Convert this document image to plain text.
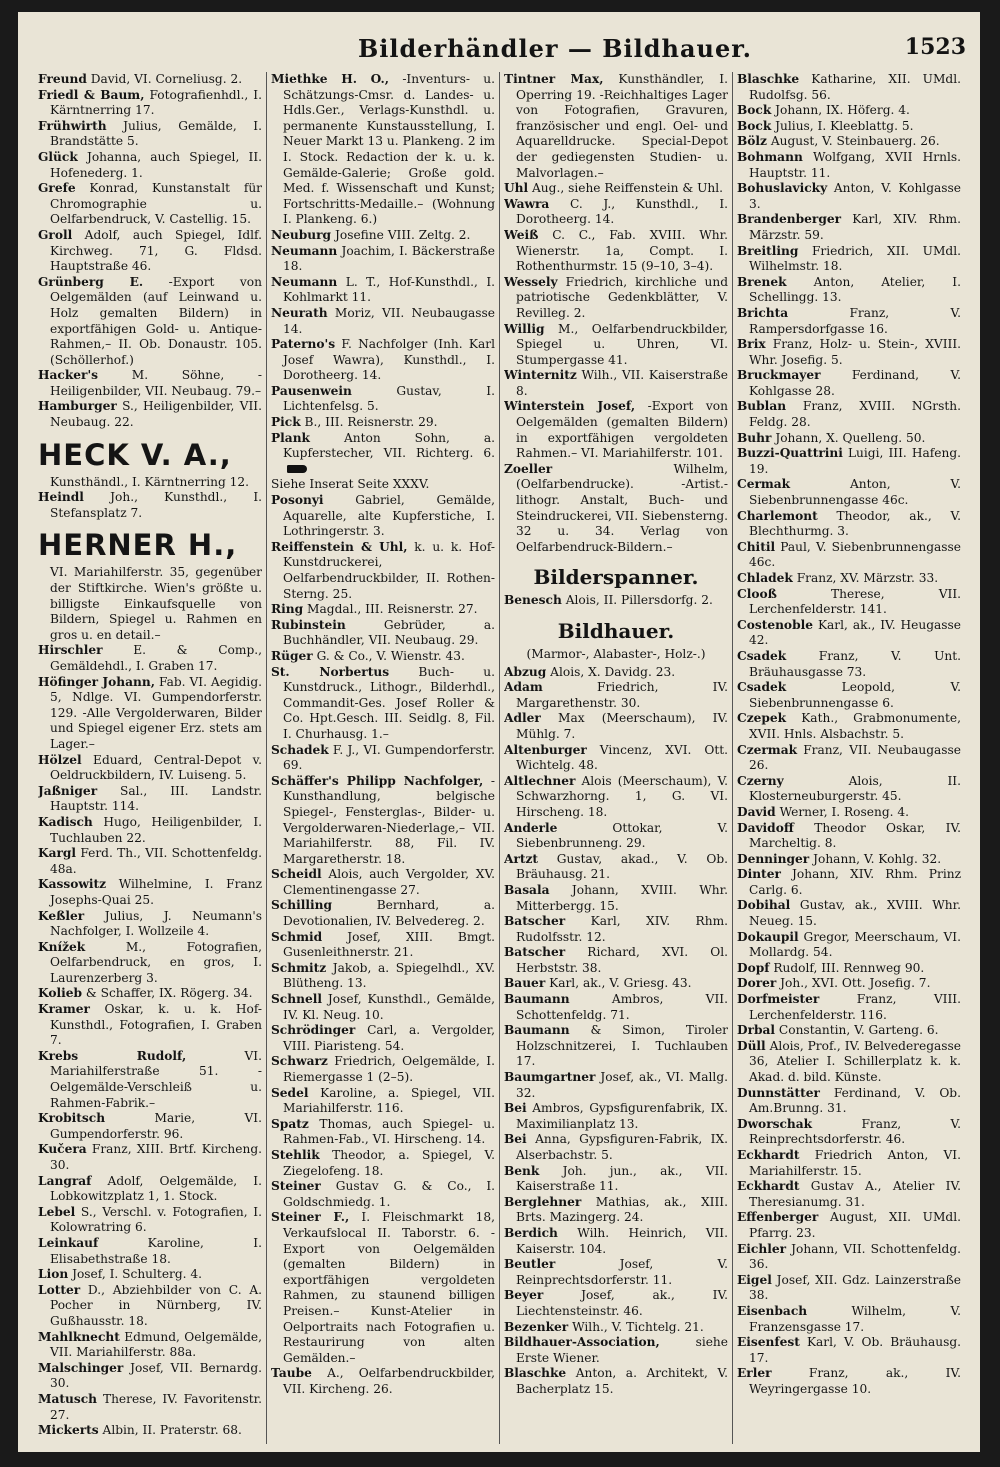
Bilderhändler — Bildhauer.	1523

Freund David, VI. Corneliusg. 2.

Friedl & Baum, Fotografienhdl., I. Kärntnerring 17.

Frühwirth Julius, Gemälde, I. Brandstätte 5.

Glück Johanna, auch Spiegel, II. Hofenederg. 1.

Grefe Konrad, Kunstanstalt für Chromographie u. Oelfarbendruck, V. Castellig. 15.

Groll Adolf, auch Spiegel, Idlf. Kirchweg. 71, G. Fldsd. Hauptstraße 46.

Grünberg E. -Export von Oelgemälden (auf Leinwand u. Holz gemalten Bildern) in exportfähigen Gold- u. Antique-Rahmen,– II. Ob. Donaustr. 105. (Schöllerhof.)

Hacker's	M. Söhne, -Heiligenbilder, VII. Neubaug. 79.–

Hamburger S., Heiligenbilder, VII. Neubaug. 22.

HECK V. A.,
Kunsthändl., I. Kärntnerring 12.

Heindl Joh., Kunsthdl., I. Stefansplatz 7.

HERNER H.,
VI. Mariahilferstr. 35, gegenüber der Stiftkirche. Wien's größte u. billigste Einkaufsquelle von Bildern, Spiegel u. Rahmen en gros u. en detail.–

Hirschler	E. & Comp., Gemäldehdl., I. Graben 17.

Höfinger Johann, Fab. VI. Aegidig. 5, Ndlge. VI. Gumpendorferstr. 129. -Alle Vergolderwaren, Bilder und Spiegel eigener Erz. stets am Lager.–

Hölzel Eduard, Central-Depot v. Oeldruckbildern, IV. Luiseng. 5.

Jaßniger Sal., III. Landstr. Hauptstr. 114.

Kadisch Hugo, Heiligenbilder, I. Tuchlauben 22.

Kargl Ferd. Th., VII. Schottenfeldg. 48a.

Kassowitz Wilhelmine, I. Franz Josephs-Quai 25.

Keßler Julius, J. Neumann's Nachfolger, I. Wollzeile 4.

Knížek	M., Fotografien, Oelfarbendruck, en gros, I. Laurenzerberg 3.

Kolieb & Schaffer, IX. Rögerg. 34.

Kramer Oskar, k. u. k. Hof-Kunsthdl., Fotografien, I. Graben 7.

Krebs Rudolf,	VI. Mariahilferstraße 51. -Oelgemälde-Verschleiß u. Rahmen-Fabrik.–

Krobitsch	Marie, VI. Gumpendorferstr. 96.

Kučera Franz, XIII. Brtf. Kircheng. 30.

Langraf Adolf, Oelgemälde, I. Lobkowitzplatz 1, 1. Stock.

Lebel S., Verschl. v. Fotografien, I. Kolowratring 6.

Leinkauf	Karoline, I. Elisabethstraße 18.

Lion Josef, I. Schulterg. 4.

Lotter D., Abziehbilder von C. A. Pocher in Nürnberg, IV. Gußhausstr. 18.

Mahlknecht Edmund, Oelgemälde, VII. Mariahilferstr. 88a.

Malschinger Josef, VII. Bernardg. 30.

Matusch Therese, IV. Favoritenstr. 27.

Mickerts Albin, II. Praterstr. 68.

Miethke H. O., -Inventurs- u. Schätzungs-Cmsr. d. Landes- u. Hdls.Ger., Verlags-Kunsthdl. u. permanente Kunstausstellung, I. Neuer Markt 13 u. Plankeng. 2 im I. Stock. Redaction der k. u. k. Gemälde-Galerie; Große gold. Med. f. Wissenschaft und Kunst; Fortschritts-Medaille.– (Wohnung I. Plankeng. 6.)

Neuburg Josefine VIII. Zeltg. 2.

Neumann Joachim, I. Bäckerstraße 18.

Neumann L. T., Hof-Kunsthdl., I. Kohlmarkt 11.

Neurath Moriz, VII. Neubaugasse 14.

Paterno's F. Nachfolger (Inh. Karl Josef Wawra), Kunsthdl., I. Dorotheerg. 14.

Pausenwein	Gustav, I. Lichtenfelsg. 5.

Pick B., III. Reisnerstr. 29.

Plank	Anton Sohn, a. Kupferstecher, VII. Richterg. 6.

Siehe Inserat Seite XXXV.

Posonyi	Gabriel, Gemälde, Aquarelle, alte Kupferstiche, I. Lothringerstr. 3.

Reiffenstein & Uhl, k. u. k. Hof-Kunstdruckerei, Oelfarbendruckbilder, II. Rothen-Sterng. 25.

Ring Magdal., III. Reisnerstr. 27.

Rubinstein	Gebrüder, a. Buchhändler, VII. Neubaug. 29.

Rüger G. & Co., V. Wienstr. 43.

St. Norbertus Buch- u. Kunstdruck., Lithogr., Bilderhdl., Commandit-Ges. Josef Roller & Co. Hpt.Gesch. III. Seidlg. 8, Fil. I. Churhausg. 1.–

Schadek F. J., VI. Gumpendorferstr. 69.

Schäffer's Philipp Nachfolger, -Kunsthandlung, belgische Spiegel-, Fensterglas-, Bilder- u. Vergolderwaren-Niederlage,– VII. Mariahilferstr. 88, Fil. IV. Margaretherstr. 18.

Scheidl Alois, auch Vergolder, XV. Clementinengasse 27.

Schilling	Bernhard, a. Devotionalien, IV. Belvedereg. 2.

Schmid Josef, XIII. Bmgt. Gusenleithnerstr. 21.

Schmitz Jakob, a. Spiegelhdl., XV. Blütheng. 13.

Schnell Josef, Kunsthdl., Gemälde, IV. Kl. Neug. 10.

Schrödinger Carl, a. Vergolder, VIII. Piaristeng. 54.

Schwarz Friedrich, Oelgemälde, I. Riemergasse 1 (2–5).

Sedel Karoline, a. Spiegel, VII. Mariahilferstr. 116.

Spatz Thomas, auch Spiegel- u. Rahmen-Fab., VI. Hirscheng. 14.

Stehlik Theodor, a. Spiegel, V. Ziegelofeng. 18.

Steiner Gustav G. & Co., I. Goldschmiedg. 1.

Steiner F., I. Fleischmarkt 18, Verkaufslocal II. Taborstr. 6. -Export von Oelgemälden (gemalten Bildern) in exportfähigen vergoldeten Rahmen, zu staunend billigen Preisen.– Kunst-Atelier in Oelportraits nach Fotografien u. Restaurirung von alten Gemälden.–

Taube A., Oelfarbendruckbilder, VII. Kircheng. 26.

Tintner Max, Kunsthändler, I. Operring 19. -Reichhaltiges Lager von Fotografien, Gravuren, französischer und engl. Oel- und Aquarelldrucke. Special-Depot der gediegensten Studien- u. Malvorlagen.–

Uhl Aug., siehe Reiffenstein & Uhl.

Wawra C. J., Kunsthdl., I. Dorotheerg. 14.

Weiß C. C., Fab. XVIII. Whr. Wienerstr. 1a, Compt. I. Rothenthurmstr. 15 (9–10, 3–4).

Wessely Friedrich, kirchliche und patriotische Gedenkblätter, V. Revilleg. 2.

Willig M., Oelfarbendruckbilder, Spiegel u. Uhren, VI. Stumpergasse 41.

Winternitz Wilh., VII. Kaiserstraße 8.

Winterstein Josef, -Export von Oelgemälden (gemalten Bildern) in exportfähigen vergoldeten Rahmen.– VI. Mariahilferstr. 101.

Zoeller	Wilhelm, (Oelfarbendrucke). -Artist.-lithogr. Anstalt, Buch- und Steindruckerei, VII. Siebensterng. 32 u. 34. Verlag von Oelfarbendruck-Bildern.–

Bilderspanner.

Benesch Alois, II. Pillersdorfg. 2.

Bildhauer.
(Marmor-, Alabaster-, Holz-.)

Abzug Alois, X. Davidg. 23.

Adam	Friedrich, IV. Margarethenstr. 30.

Adler Max (Meerschaum), IV. Mühlg. 7.

Altenburger Vincenz, XVI. Ott. Wichtelg. 48.

Altlechner Alois (Meerschaum), V. Schwarzhorng. 1, G. VI. Hirscheng. 18.

Anderle	Ottokar, V. Siebenbrunneng. 29.

Artzt Gustav, akad., V. Ob. Bräuhausg. 21.

Basala Johann, XVIII. Whr. Mitterbergg. 15.

Batscher Karl, XIV. Rhm. Rudolfsstr. 12.

Batscher Richard, XVI. Ol. Herbststr. 38.

Bauer Karl, ak., V. Griesg. 43.

Baumann	Ambros, VII. Schottenfeldg. 71.

Baumann & Simon, Tiroler Holzschnitzerei, I. Tuchlauben 17.

Baumgartner Josef, ak., VI. Mallg. 32.

Bei Ambros, Gypsfigurenfabrik, IX. Maximilianplatz 13.

Bei Anna, Gypsfiguren-Fabrik, IX. Alserbachstr. 5.

Benk Joh. jun., ak., VII. Kaiserstraße 11.

Berglehner Mathias, ak., XIII. Brts. Mazingerg. 24.

Berdich Wilh. Heinrich, VII. Kaiserstr. 104.

Beutler	Josef, V. Reinprechtsdorferstr. 11.

Beyer	Josef, ak., IV. Liechtensteinstr. 46.

Bezenker Wilh., V. Tichtelg. 21.

Bildhauer-Association,	siehe Erste Wiener.

Blaschke Anton, a. Architekt, V. Bacherplatz 15.

Blaschke Katharine, XII. UMdl. Rudolfsg. 56.

Bock Johann, IX. Höferg. 4.

Bock Julius, I. Kleeblattg. 5.

Bölz August, V. Steinbauerg. 26.

Bohmann Wolfgang, XVII Hrnls. Hauptstr. 11.

Bohuslavicky Anton, V. Kohlgasse 3.

Brandenberger Karl, XIV. Rhm. Märzstr. 59.

Breitling Friedrich, XII. UMdl. Wilhelmstr. 18.

Brenek Anton, Atelier, I. Schellingg. 13.

Brichta	Franz, V. Rampersdorfgasse 16.

Brix Franz, Holz- u. Stein-, XVIII. Whr. Josefig. 5.

Bruckmayer	Ferdinand, V. Kohlgasse 28.

Bublan Franz, XVIII. NGrsth. Feldg. 28.

Buhr Johann, X. Quelleng. 50.

Buzzi-Quattrini Luigi, III. Hafeng. 19.

Cermak	Anton, V. Siebenbrunnengasse 46c.

Charlemont Theodor, ak., V. Blechthurmg. 3.

Chitil Paul, V. Siebenbrunnengasse 46c.

Chladek Franz, XV. Märzstr. 33.

Clooß	Therese, VII. Lerchenfelderstr. 141.

Costenoble Karl, ak., IV. Heugasse 42.

Csadek	Franz, V. Unt. Bräuhausgasse 73.

Csadek	Leopold, V. Siebenbrunnengasse 6.

Czepek Kath., Grabmonumente, XVII. Hnls. Alsbachstr. 5.

Czermak Franz, VII. Neubaugasse 26.

Czerny	Alois, II. Klosterneuburgerstr. 45.

David Werner, I. Roseng. 4.

Davidoff Theodor Oskar, IV. Marcheltig. 8.

Denninger Johann, V. Kohlg. 32.

Dinter Johann, XIV. Rhm. Prinz Carlg. 6.

Dobihal Gustav, ak., XVIII. Whr. Neueg. 15.

Dokaupil Gregor, Meerschaum, VI. Mollardg. 54.

Dopf Rudolf, III. Rennweg 90.

Dorer Joh., XVI. Ott. Josefig. 7.

Dorfmeister	Franz, VIII. Lerchenfelderstr. 116.

Drbal Constantin, V. Garteng. 6.

Düll Alois, Prof., IV. Belvederegasse 36, Atelier I. Schillerplatz k. k. Akad. d. bild. Künste.

Dunnstätter Ferdinand, V. Ob. Am.Brunng. 31.

Dworschak	Franz, V. Reinprechtsdorferstr. 46.

Eckhardt Friedrich Anton, VI. Mariahilferstr. 15.

Eckhardt Gustav A., Atelier IV. Theresianumg. 31.

Effenberger August, XII. UMdl. Pfarrg. 23.

Eichler Johann, VII. Schottenfeldg. 36.

Eigel Josef, XII. Gdz. Lainzerstraße 38.

Eisenbach	Wilhelm, V. Franzensgasse 17.

Eisenfest Karl, V. Ob. Bräuhausg. 17.

Erler	Franz, ak., IV. Weyringergasse 10.
